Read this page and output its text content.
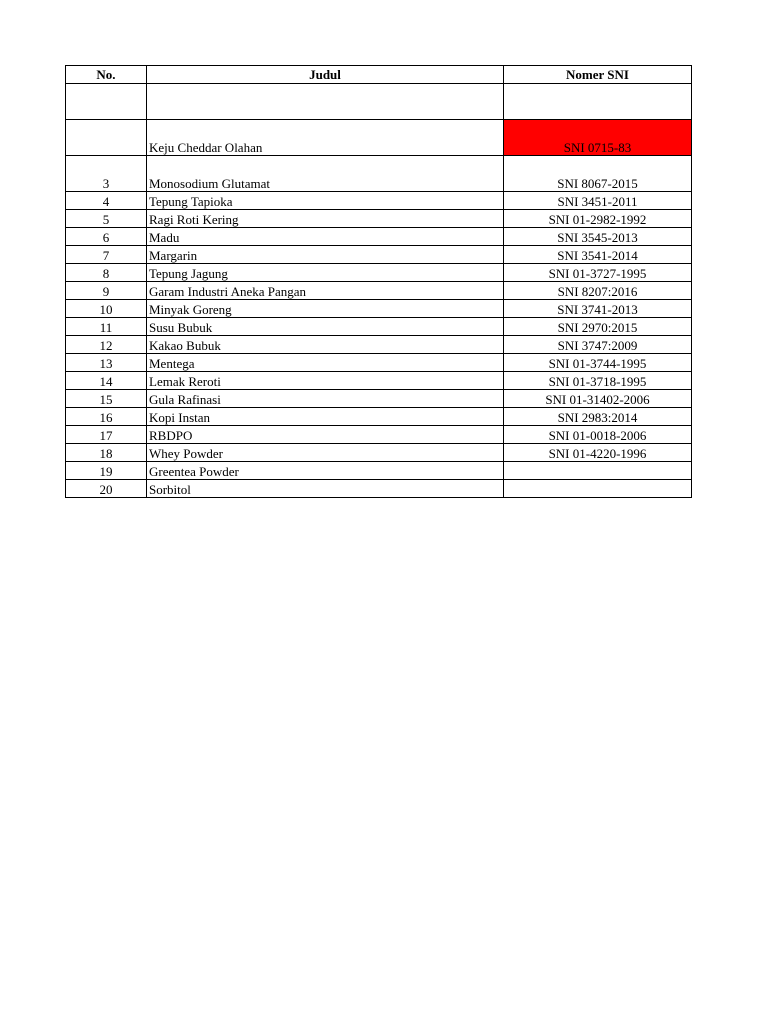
No.	Judul	Nomer SNI

	Keju Cheddar Olahan	SNI 0715-83
3	Monosodium Glutamat	SNI 8067-2015
4	Tepung Tapioka	SNI 3451-2011
5	Ragi Roti Kering	SNI 01-2982-1992
6	Madu	SNI 3545-2013
7	Margarin	SNI 3541-2014
8	Tepung Jagung	SNI 01-3727-1995
9	Garam Industri Aneka Pangan	SNI 8207:2016
10	Minyak Goreng	SNI 3741-2013
11	Susu Bubuk	SNI 2970:2015
12	Kakao Bubuk	SNI 3747:2009
13	Mentega	SNI 01-3744-1995
14	Lemak Reroti	SNI 01-3718-1995
15	Gula Rafinasi	SNI 01-31402-2006
16	Kopi Instan	SNI 2983:2014
17	RBDPO	SNI 01-0018-2006
18	Whey Powder	SNI 01-4220-1996
19	Greentea Powder	
20	Sorbitol	
